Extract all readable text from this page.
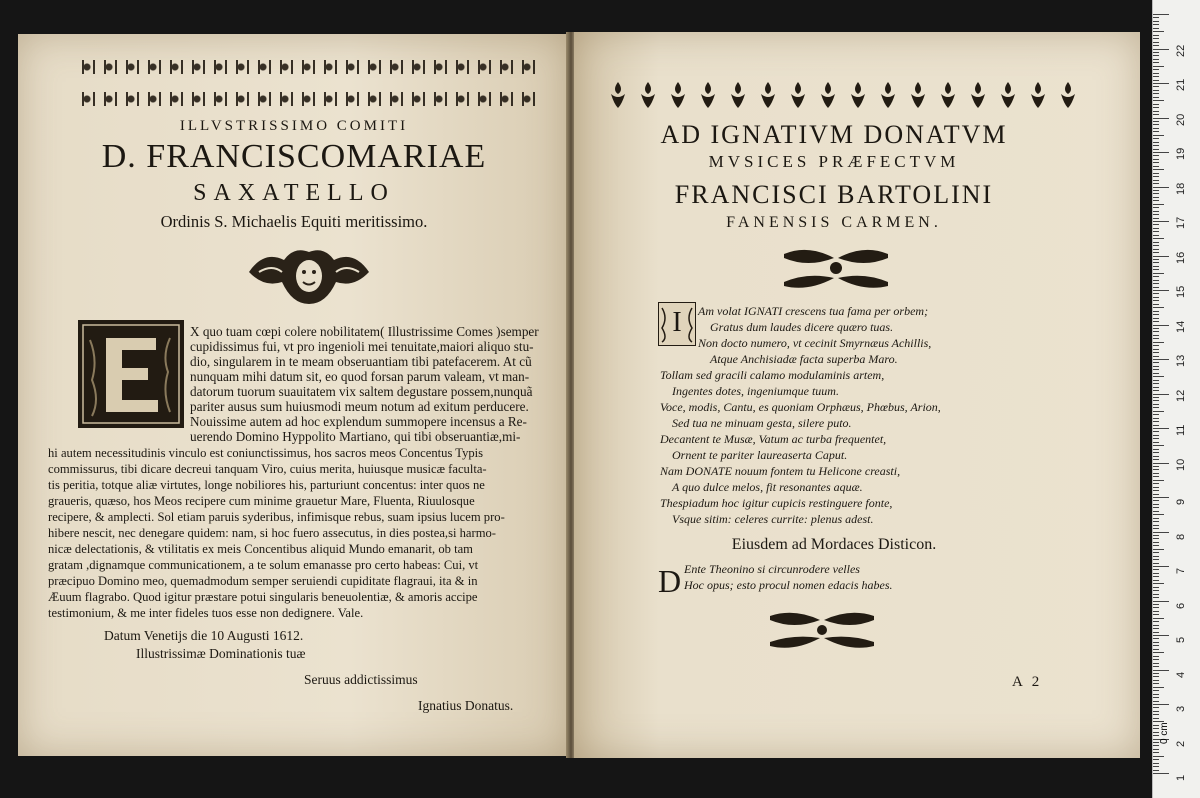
ILLVSTRISSIMO COMITI
D. FRANCISCOMARIAE
SAXATELLO
Ordinis S. Michaelis Equiti meritissimo.
X quo tuam cœpi colere nobilitatem( Illustrissime Comes )semper
cupidissimus fui, vt pro ingenioli mei tenuitate,maiori aliquo stu-
dio, singularem in te meam obseruantiam tibi patefacerem. At cũ
nunquam mihi datum sit, eo quod forsan parum valeam, vt man-
datorum tuorum suauitatem vix saltem degustare possem,nunquã
pariter ausus sum huiusmodi meum notum ad exitum perducere.
Nouissime autem ad hoc explendum summopere incensus a Re-
uerendo Domino Hyppolito Martiano, qui tibi obseruantiæ,mi-
hi autem necessitudinis vinculo est coniunctissimus, hos sacros meos Concentus Typis
commissurus, tibi dicare decreui tanquam Viro, cuius merita, huiusque musicæ faculta-
tis peritia, totque aliæ virtutes, longe nobiliores his, parturiunt concentus: inter quos ne
graueris, quæso, hos Meos recipere cum minime grauetur Mare, Fluenta, Riuulosque
recipere, & amplecti. Sol etiam paruis syderibus, infimisque rebus, suam ipsius lucem pro-
hibere nescit, nec denegare quidem: nam, si hoc fuero assecutus, in dies postea,si harmo-
nicæ delectationis, & vtilitatis ex meis Concentibus aliquid Mundo emanarit, ob tam
gratam ,dignamque communicationem, a te solum emanasse pro certo habeas: Cui, vt
præcipuo Domino meo, quemadmodum semper seruiendi cupiditate flagraui, ita & in
Æuum flagrabo. Quod igitur præstare potui singularis beneuolentiæ, & amoris accipe
testimonium, & me inter fideles tuos esse non dedignere. Vale.
Datum Venetijs die 10 Augusti 1612.
Illustrissimæ Dominationis tuæ
Seruus addictissimus
Ignatius Donatus.
AD IGNATIVM DONATVM
MVSICES PRÆFECTVM
FRANCISCI BARTOLINI
FANENSIS CARMEN.
I	Am volat IGNATI crescens tua fama per orbem;
Gratus dum laudes dicere quæro tuas.
Non docto numero, vt cecinit Smyrnæus Achillis,
Atque Anchisiadæ facta superba Maro.
Tollam sed gracili calamo modulaminis artem,
Ingentes dotes, ingeniumque tuum.
Voce, modis, Cantu, es quoniam Orphæus, Phœbus, Arion,
Sed tua ne minuam gesta, silere puto.
Decantent te Musæ, Vatum ac turba frequentet,
Ornent te pariter laureaserta Caput.
Nam DONATE nouum fontem tu Helicone creasti,
A quo dulce melos, fit resonantes aquæ.
Thespiadum hoc igitur cupicis restinguere fonte,
Vsque sitim: celeres currite: plenus adest.
Eiusdem ad Mordaces Disticon.
D Ente Theonino si circunrodere velles
Hoc opus; esto procul nomen edacis habes.
A 2
22
21
20
19
18
17
16
15
14
13
12
11
10
9
8
7
6
5
4
3
2
1
0 cm
